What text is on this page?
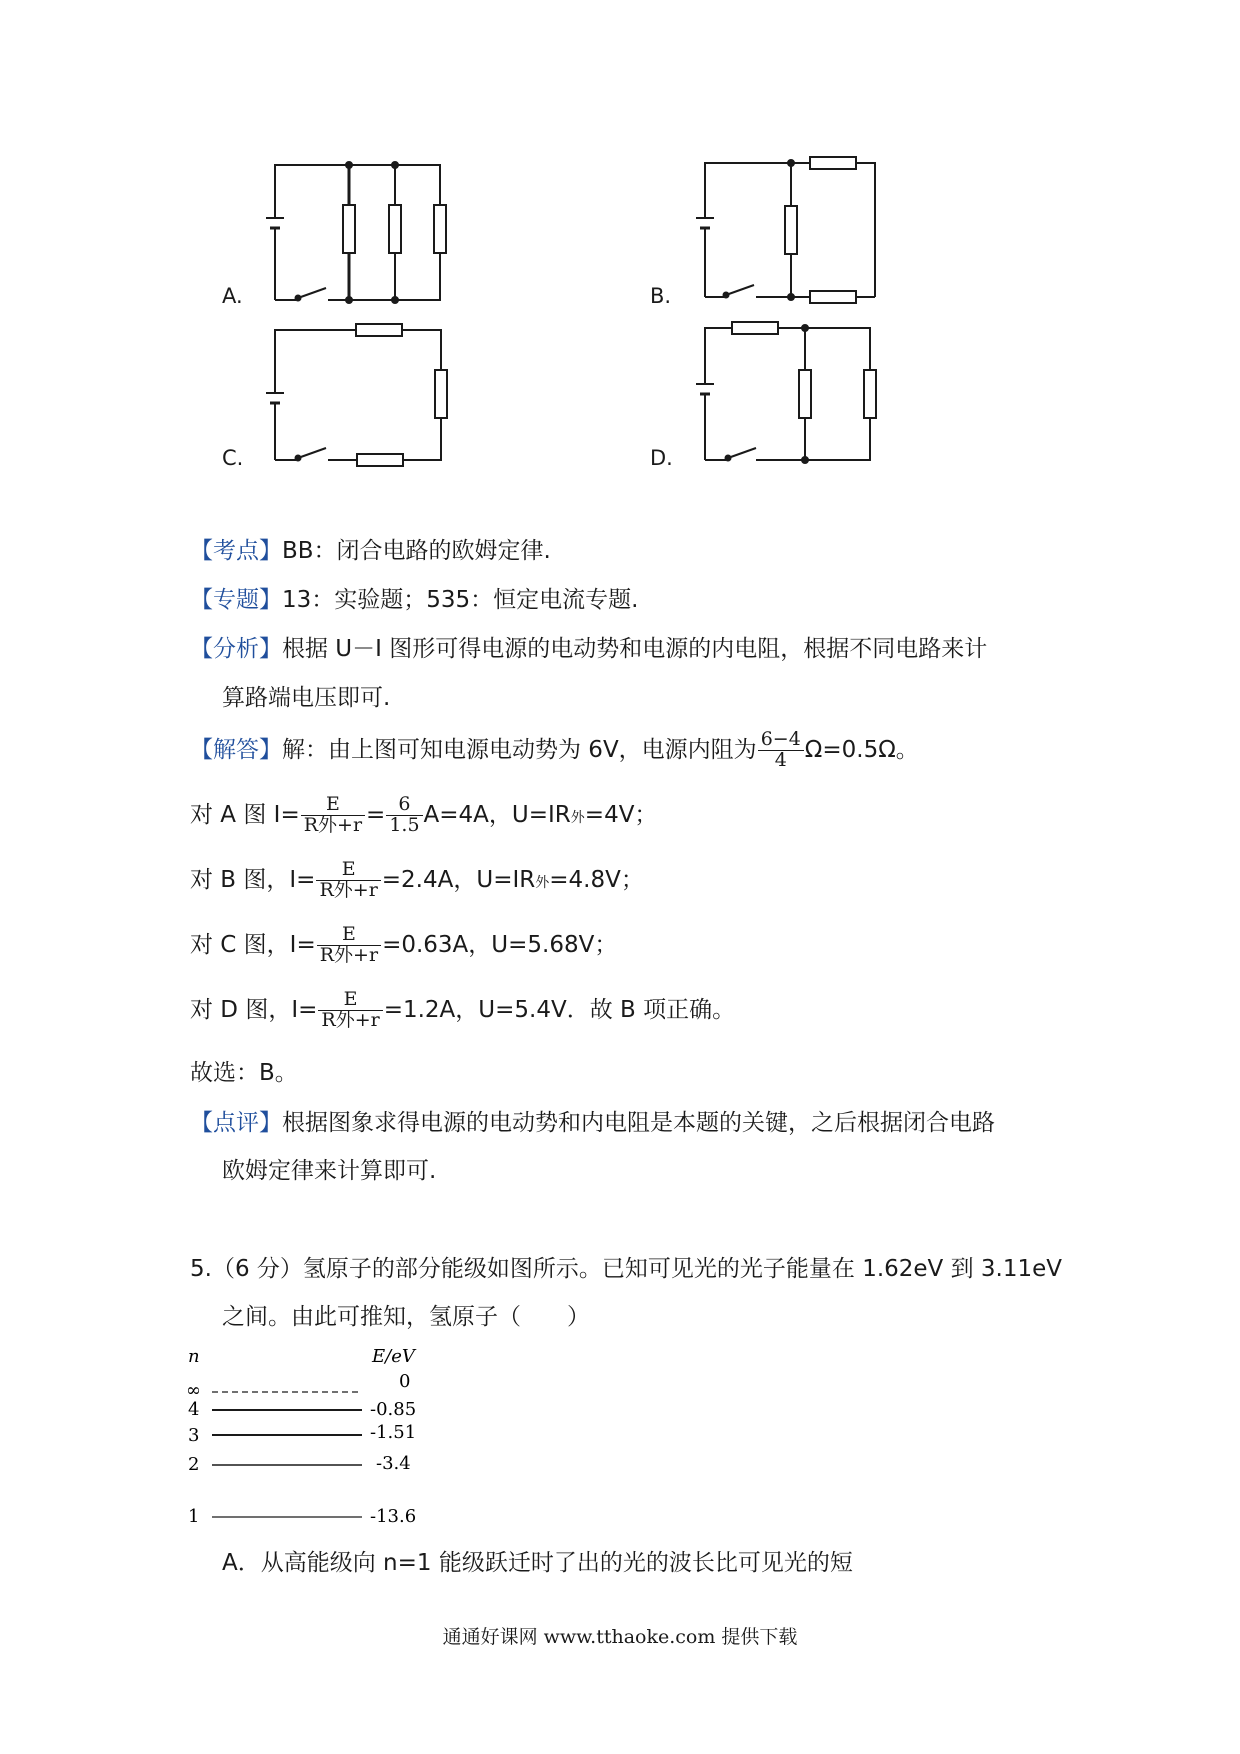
A.	B.
C.	D.
【考点】BB：闭合电路的欧姆定律.
【专题】13：实验题；535：恒定电流专题.
【分析】根据 U－I 图形可得电源的电动势和电源的内电阻，根据不同电路来计
算路端电压即可.
【解答】解：由上图可知电源电动势为 6V，电源内阻为 $\frac{6-4}{4} \Omega=0.5\Omega$。
对 A 图 $I= \frac{E}{\text{R外+r}} = \frac{6}{1.5} A=4A$，U=IR外=4V；
对 B 图，$I= \frac{E}{\text{R外+r}} =2.4A$，U=IR外=4.8V；
对 C 图，$I= \frac{E}{\text{R外+r}} =0.63A$，U=5.68V；
对 D 图，$I= \frac{E}{\text{R外+r}} =1.2A$，U=5.4V．故 B 项正确。
故选：B。
【点评】根据图象求得电源的电动势和内电阻是本题的关键，之后根据闭合电路
欧姆定律来计算即可.
5.（6 分）氢原子的部分能级如图所示。已知可见光的光子能量在 1.62eV 到 3.11eV
之间。由此可推知，氢原子（　　）
n	E/eV
∞	0
4	-0.85
3	-1.51
2	-3.4
1	-13.6
A．从高能级向 n=1 能级跃迁时了出的光的波长比可见光的短
通通好课网 www.tthaoke.com 提供下载
